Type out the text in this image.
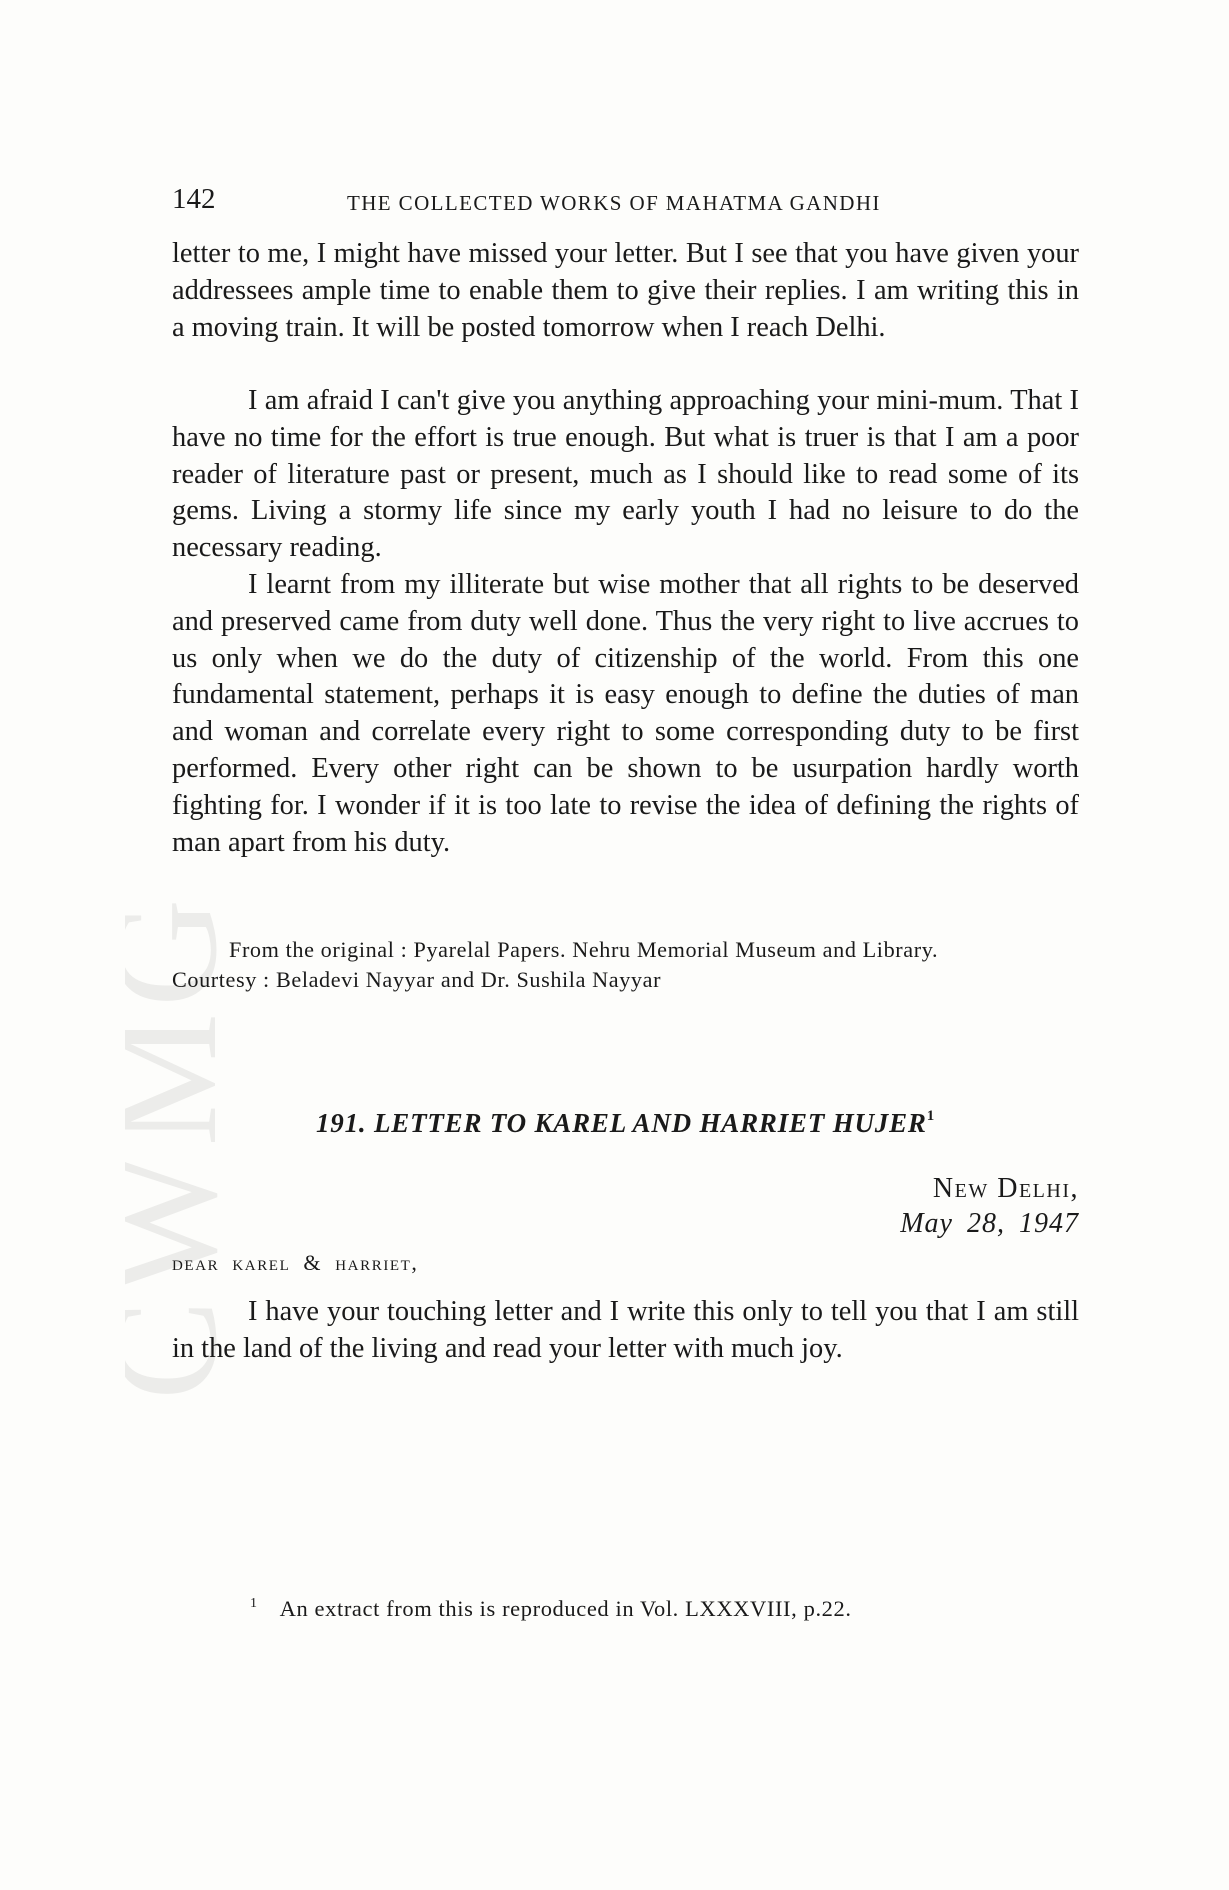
CWMG
142	THE COLLECTED WORKS OF MAHATMA GANDHI

letter to me, I might have missed your letter. But I see that you have given your addressees ample time to enable them to give their replies. I am writing this in a moving train. It will be posted tomorrow when I reach Delhi.

I am afraid I can't give you anything approaching your mini-mum. That I have no time for the effort is true enough. But what is truer is that I am a poor reader of literature past or present, much as I should like to read some of its gems. Living a stormy life since my early youth I had no leisure to do the necessary reading.

I learnt from my illiterate but wise mother that all rights to be deserved and preserved came from duty well done. Thus the very right to live accrues to us only when we do the duty of citizenship of the world. From this one fundamental statement, perhaps it is easy enough to define the duties of man and woman and correlate every right to some corresponding duty to be first performed. Every other right can be shown to be usurpation hardly worth fighting for. I wonder if it is too late to revise the idea of defining the rights of man apart from his duty.

From the original : Pyarelal Papers. Nehru Memorial Museum and Library.
Courtesy : Beladevi Nayyar and Dr. Sushila Nayyar

191. LETTER TO KAREL AND HARRIET HUJER$^1$
New Delhi,
May 28, 1947
dear karel & harriet,

I have your touching letter and I write this only to tell you that I am still in the land of the living and read your letter with much joy.

$^1$ An extract from this is reproduced in Vol. LXXXVIII, p.22.
